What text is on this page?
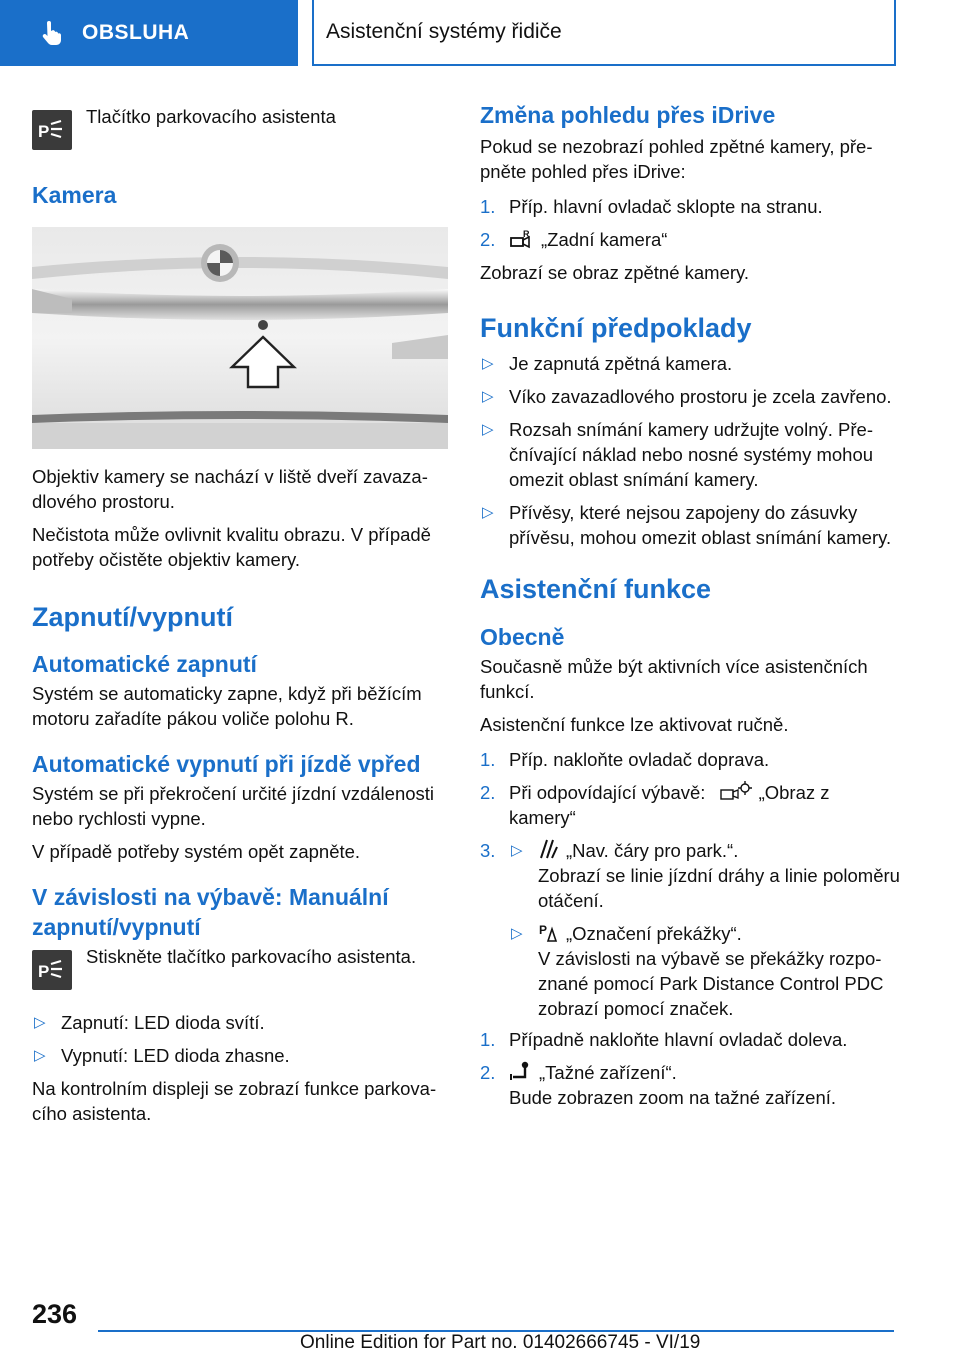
OBSLUHA	Asistenční systémy řidiče
P
Tlačítko parkovacího asistenta
Kamera

Objektiv kamery se nachází v liště dveří zavazadlového prostoru.

Nečistota může ovlivnit kvalitu obrazu. V případě potřeby očistěte objektiv kamery.

Zapnutí/vypnutí
Automatické zapnutí

Systém se automaticky zapne, když při běžícím motoru zařadíte pákou voliče polohu R.

Automatické vypnutí při jízdě vpřed

Systém se při překročení určité jízdní vzdálenosti nebo rychlosti vypne.

V případě potřeby systém opět zapněte.

V závislosti na výbavě: Manuální zapnutí/vypnutí
P
Stiskněte tlačítko parkovacího asistenta.
▷ Zapnutí: LED dioda svítí.
▷ Vypnutí: LED dioda zhasne.

Na kontrolním displeji se zobrazí funkce parkovacího asistenta.

Změna pohledu přes iDrive

Pokud se nezobrazí pohled zpětné kamery, přepněte pohled přes iDrive:

1. Příp. hlavní ovladač sklopte na stranu.
2.	R „Zadní kamera“

Zobrazí se obraz zpětné kamery.

Funkční předpoklady
▷ Je zapnutá zpětná kamera.
▷ Víko zavazadlového prostoru je zcela zavřeno.
▷ Rozsah snímání kamery udržujte volný. Přečnívající náklad nebo nosné systémy mohou omezit oblast snímání kamery.
▷ Přívěsy, které nejsou zapojeny do zásuvky přívěsu, mohou omezit oblast snímání kamery.
Asistenční funkce
Obecně

Současně může být aktivních více asistenčních funkcí.

Asistenční funkce lze aktivovat ručně.

1. Příp. nakloňte ovladač doprava.
2. Při odpovídající výbavě:	„Obraz z kamery“
3. ▷ „Nav. čáry pro park.“.
Zobrazí se linie jízdní dráhy a linie poloměru otáčení.
▷ P „Označení překážky“.
V závislosti na výbavě se překážky rozpoznané pomocí Park Distance Control PDC zobrazí pomocí značek.
1. Případně nakloňte hlavní ovladač doleva.
2. „Tažné zařízení“.
Bude zobrazen zoom na tažné zařízení.
236
Online Edition for Part no. 01402666745 - VI/19
